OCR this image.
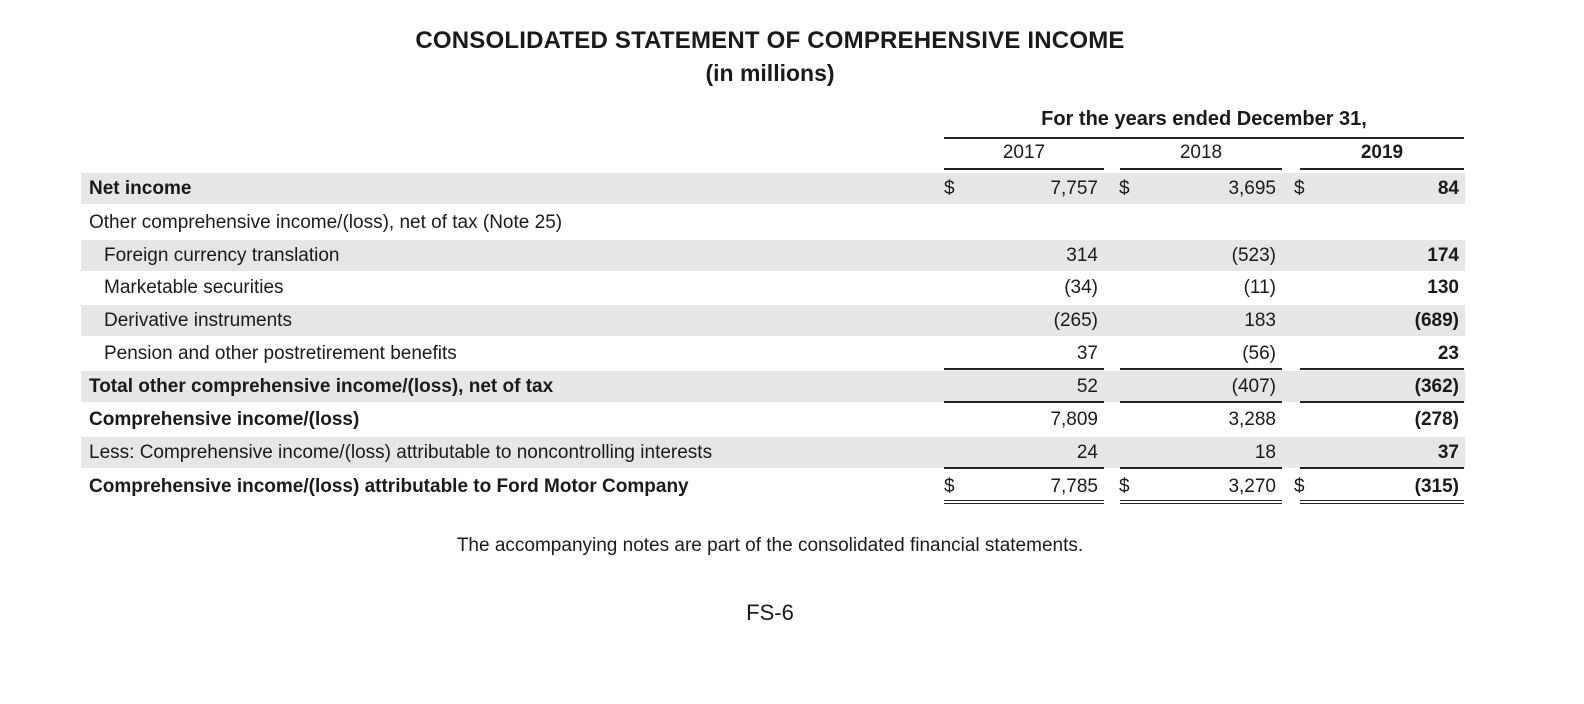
CONSOLIDATED STATEMENT OF COMPREHENSIVE INCOME
(in millions)
For the years ended December 31,
2017	2018	2019
Net income	$	7,757 $	3,695 $	84
Other comprehensive income/(loss), net of tax (Note 25)
Foreign currency translation	314	(523)	174
Marketable securities	(34)	(11)	130
Derivative instruments	(265)	183	(689)
Pension and other postretirement benefits	37	(56)	23
Total other comprehensive income/(loss), net of tax	52	(407)	(362)
Comprehensive income/(loss)	7,809	3,288	(278)
Less: Comprehensive income/(loss) attributable to noncontrolling interests	24	18	37
Comprehensive income/(loss) attributable to Ford Motor Company	$	7,785 $	3,270 $	(315)
The accompanying notes are part of the consolidated financial statements.
FS-6
